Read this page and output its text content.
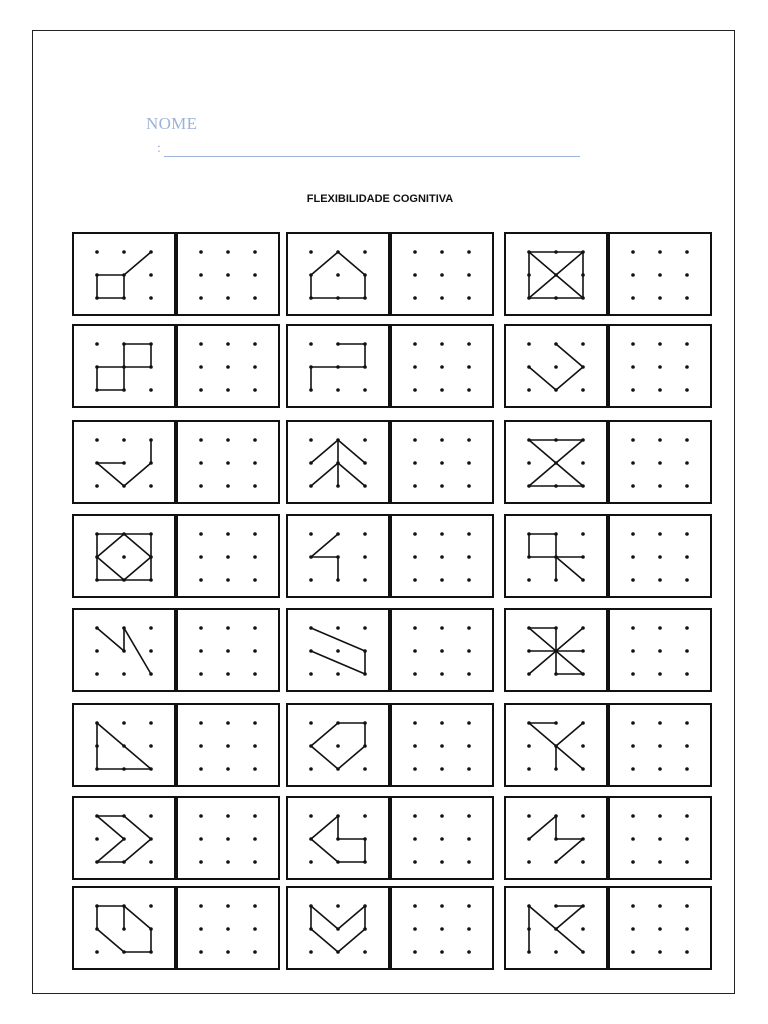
NOME
:
FLEXIBILIDADE COGNITIVA
